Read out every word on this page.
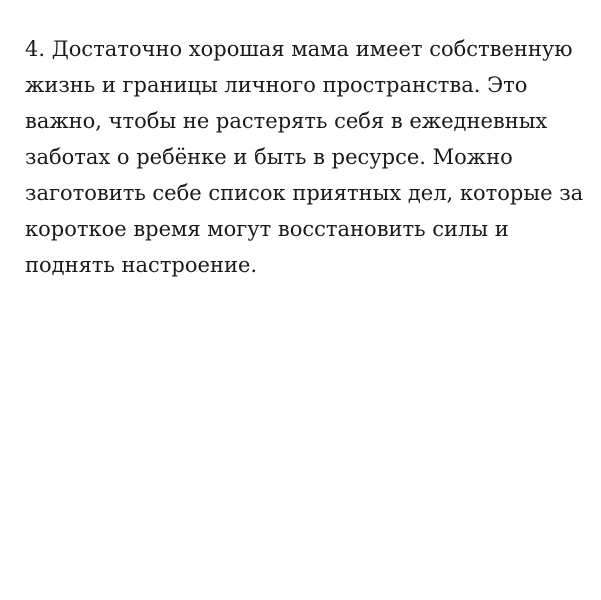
4. Достаточно хорошая мама имеет собственную
жизнь и границы личного пространства. Это
важно, чтобы не растерять себя в ежедневных
заботах о ребёнке и быть в ресурсе. Можно
заготовить себе список приятных дел, которые за
короткое время могут восстановить силы и
поднять настроение.
